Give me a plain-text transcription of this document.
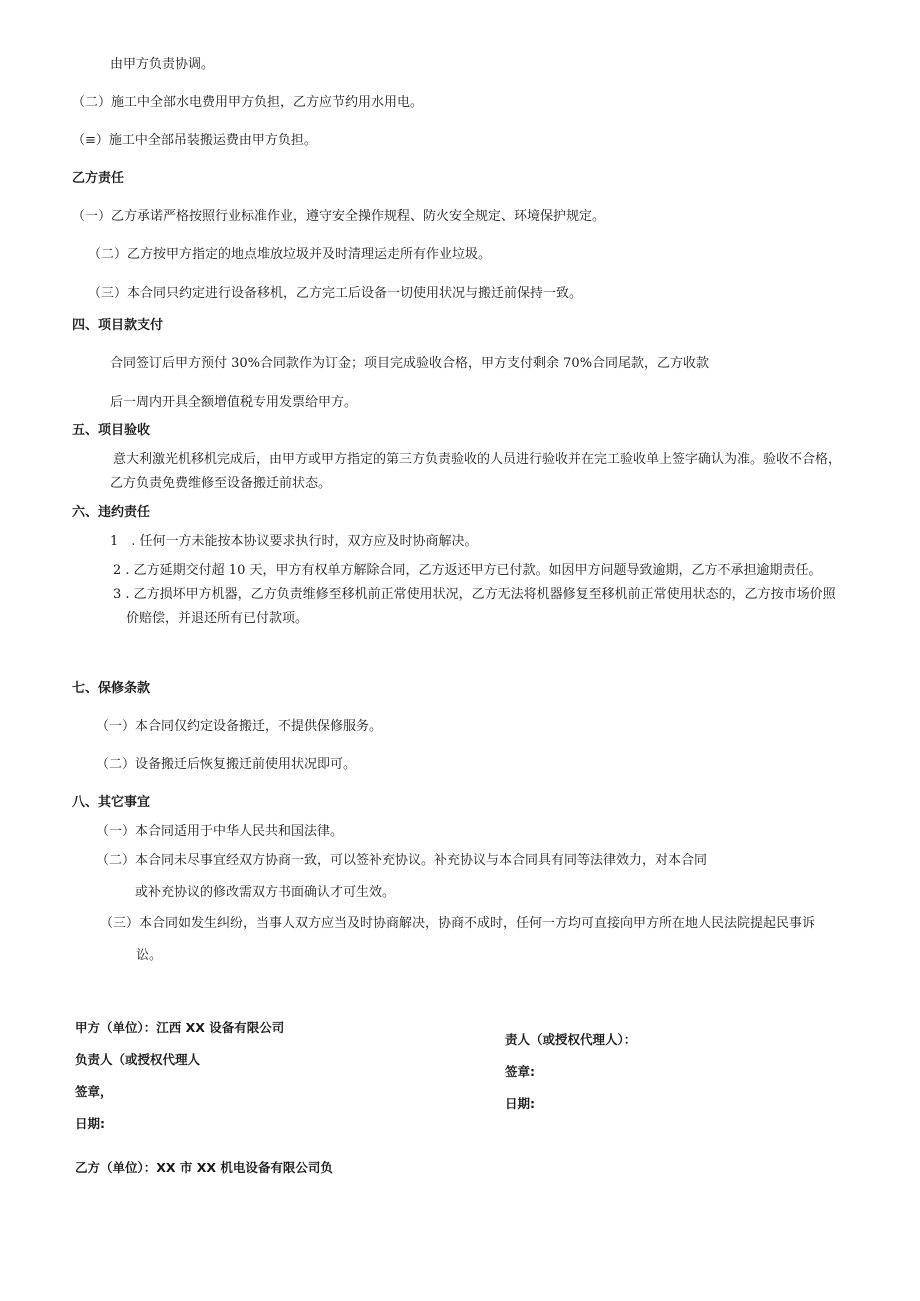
由甲方负责协调。
（二）施工中全部水电费用甲方负担，乙方应节约用水用电。
（≡）施工中全部吊装搬运费由甲方负担。
乙方责任
（一）乙方承诺严格按照行业标准作业，遵守安全操作规程、防火安全规定、环境保护规定。
（二）乙方按甲方指定的地点堆放垃圾并及时清理运走所有作业垃圾。
（三）本合同只约定进行设备移机，乙方完工后设备一切使用状况与搬迁前保持一致。
四、项目款支付
合同签订后甲方预付 30%合同款作为订金；项目完成验收合格，甲方支付剩余 70%合同尾款，乙方收款
后一周内开具全额增值税专用发票给甲方。
五、项目验收
意大利激光机移机完成后，由甲方或甲方指定的第三方负责验收的人员进行验收并在完工验收单上签字确认为准。验收不合格，
乙方负责免费维修至设备搬迁前状态。
六、违约责任
1　. 任何一方未能按本协议要求执行时，双方应及时协商解决。
2 . 乙方延期交付超 10 天，甲方有权单方解除合同，乙方返还甲方已付款。如因甲方问题导致逾期，乙方不承担逾期责任。
3 . 乙方损坏甲方机器，乙方负责维修至移机前正常使用状况，乙方无法将机器修复至移机前正常使用状态的，乙方按市场价照
价赔偿，并退还所有已付款项。
七、保修条款
（一）本合同仅约定设备搬迁，不提供保修服务。
（二）设备搬迁后恢复搬迁前使用状况即可。
八、其它事宜
（一）本合同适用于中华人民共和国法律。
（二）本合同未尽事宜经双方协商一致，可以签补充协议。补充协议与本合同具有同等法律效力，对本合同
或补充协议的修改需双方书面确认才可生效。
（三）本合同如发生纠纷，当事人双方应当及时协商解决，协商不成时，任何一方均可直接向甲方所在地人民法院提起民事诉
讼。
甲方（单位）：江西 XX 设备有限公司
负责人（或授权代理人
签章，
日期:
责人（或授权代理人）：
签章:
日期:
乙方（单位）：XX 市 XX 机电设备有限公司负
